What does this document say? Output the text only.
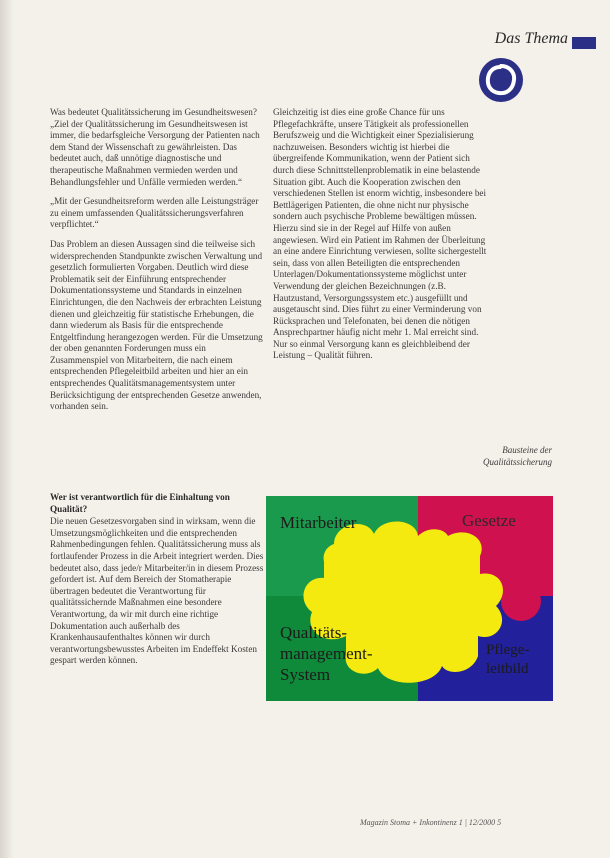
Das Thema

Was bedeutet Qualitätssicherung im Gesundheitswesen? „Ziel der Qualitätssicherung im Gesundheitswesen ist immer, die bedarfsgleiche Versorgung der Patienten nach dem Stand der Wissenschaft zu gewährleisten. Das bedeutet auch, daß unnötige diagnostische und therapeutische Maßnahmen vermieden werden und Behandlungsfehler und Unfälle vermieden werden.“

„Mit der Gesundheitsreform werden alle Leistungsträger zu einem umfassenden Qualitätssicherungsverfahren verpflichtet.“

Das Problem an diesen Aussagen sind die teilweise sich widersprechenden Standpunkte zwischen Verwaltung und gesetzlich formulierten Vorgaben. Deutlich wird diese Problematik seit der Einführung entsprechender Dokumentationssysteme und Standards in einzelnen Einrichtungen, die den Nachweis der erbrachten Leistung dienen und gleichzeitig für statistische Erhebungen, die dann wiederum als Basis für die entsprechende Entgeltfindung herangezogen werden. Für die Umsetzung der oben genannten Forderungen muss ein Zusammenspiel von Mitarbeitern, die nach einem entsprechenden Pflegeleitbild arbeiten und hier an ein entsprechendes Qualitätsmanagementsystem unter Berücksichtigung der entsprechenden Gesetze anwenden, vorhanden sein.

Gleichzeitig ist dies eine große Chance für uns Pflegefachkräfte, unsere Tätigkeit als professionellen Berufszweig und die Wichtigkeit einer Spezialisierung nachzuweisen. Besonders wichtig ist hierbei die übergreifende Kommunikation, wenn der Patient sich durch diese Schnittstellenproblematik in eine belastende Situation gibt. Auch die Kooperation zwischen den verschiedenen Stellen ist enorm wichtig, insbesondere bei Bettlägerigen Patienten, die ohne nicht nur physische sondern auch psychische Probleme bewältigen müssen. Hierzu sind sie in der Regel auf Hilfe von außen angewiesen. Wird ein Patient im Rahmen der Überleitung an eine andere Einrichtung verwiesen, sollte sichergestellt sein, dass von allen Beteiligten die entsprechenden Unterlagen/Dokumentationssysteme möglichst unter Verwendung der gleichen Bezeichnungen (z.B. Hautzustand, Versorgungssystem etc.) ausgefüllt und ausgetauscht sind. Dies führt zu einer Verminderung von Rücksprachen und Telefonaten, bei denen die nötigen Ansprechpartner häufig nicht mehr 1. Mal erreicht sind. Nur so einmal Versorgung kann es gleichbleibend der Leistung – Qualität führen.

Bausteine der Qualitätssicherung

Wer ist verantwortlich für die Einhaltung von Qualität?

Die neuen Gesetzesvorgaben sind in wirksam, wenn die Umsetzungsmöglichkeiten und die entsprechenden Rahmenbedingungen fehlen. Qualitätssicherung muss als fortlaufender Prozess in die Arbeit integriert werden. Dies bedeutet also, dass jede/r Mitarbeiter/in in diesem Prozess gefordert ist. Auf dem Bereich der Stomatherapie übertragen bedeutet die Verantwortung für qualitätssichernde Maßnahmen eine besondere Verantwortung, da wir mit durch eine richtige Dokumentation auch außerhalb des Krankenhausaufenthaltes können wir durch verantwortungsbewusstes Arbeiten im Endeffekt Kosten gespart werden können.

Mitarbeiter	Gesetze
Qualitäts-
management-
System
Pflege-
leitbild
Magazin Stoma + Inkontinenz 1 | 12/2000 5
